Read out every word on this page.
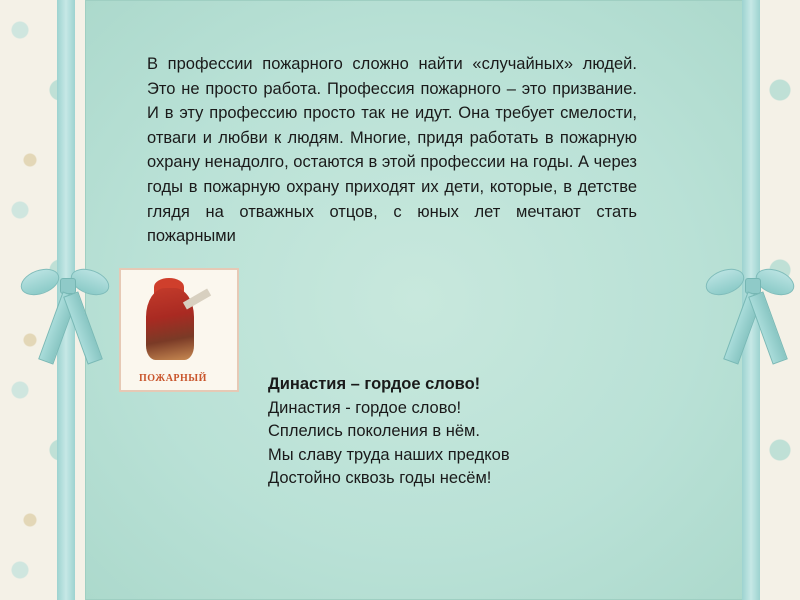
В профессии пожарного сложно найти «случайных» людей. Это не просто работа. Профессия пожарного – это призвание. И в эту профессию просто так не идут. Она требует смелости, отваги и любви к людям. Многие, придя работать в пожарную охрану ненадолго, остаются в этой профессии на годы. А через годы в пожарную охрану приходят их дети, которые, в детстве глядя на отважных отцов, с юных лет мечтают стать пожарными
ПОЖАРНЫЙ	Династия – гордое слово!
Династия - гордое слово!
Сплелись поколения в нём.
Мы славу труда наших предков
Достойно сквозь годы несём!
